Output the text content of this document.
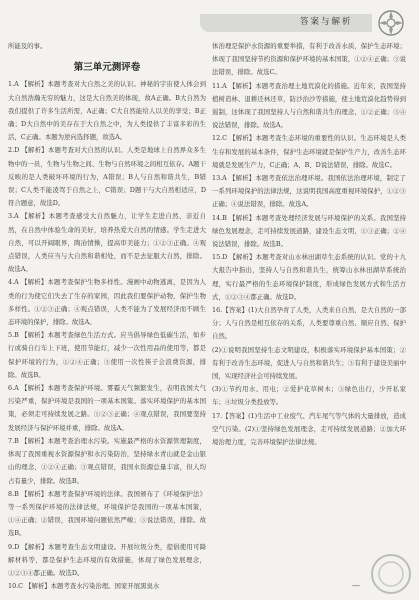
答案与解析

所能及的事。

第三单元测评卷

1.A 【解析】本题考查对大自然之美的认识。神秘的宇宙使人体会到大自然浩瀚无穷的魅力，这是大自然美的体现，故A正确。B大自然为我们提供了许多生活所需，A正确；C大自然能给人以美的享受；B正确；D大自然中的美存在于大自然之中，为人类提供了丰富多彩的生活，C正确。本题为逆向选择题，故选A。

2.D 【解析】本题考查对大自然的认识。人类是地球上自然界众多生物中的一员，生物与生物之间、生物与自然环境之间相互依存。A题干反映的是人类破坏环境的行为，A错误；B人与自然和谐共生，B错误；C人类不能凌驾于自然之上，C错误；D题干与大自然相适应，D符合题意，故选D。

3.A 【解析】本题考查感受大自然魅力，让学生走进自然、亲近自然，在自然中体验生命的美好，培养热爱大自然的情感。学生走进大自然，可以开阔眼界，陶冶情操，提高审美能力；①②③正确。④观点错误，人类应当与大自然和谐相处，而不是去征服大自然，排除。故选A。

4.A 【解析】本题考查保护生物多样性。漫画中动物逃离，是因为人类的行为使它们失去了生存的家园，因此我们要保护动物，保护生物多样性。①②③正确；④观点错误，人类不能为了发展经济而不顾生态环境的保护，排除。故选A。

5.B 【解析】本题考查绿色生活方式。应当倡导绿色低碳生活，如步行或骑自行车上下班，使用节能灯，减少一次性用品的使用等，都是保护环境的行为，①②④正确；③使用一次性筷子会浪费资源，排除。故选B。

6.A 【解析】本题考查保护环境。雾霾天气频繁发生，表明我国大气污染严重，保护环境是我国的一项基本国策。落实环境保护的基本国策，必须走可持续发展之路。①②③正确；④观点错误，我国要坚持发展经济与保护环境并重，排除。故选A。

7.B 【解析】本题考查治理水污染。实施最严格的水资源管理制度，体现了我国重视水资源保护和水污染防治，坚持绿水青山就是金山银山的理念，①②④正确；③观点错误，我国水资源总量丰富，但人均占有量少，排除。故选B。

8.B 【解析】本题考查保护环境的法律。我国颁布了《环境保护法》等一系列保护环境的法律法规，环境保护是我国的一项基本国策，①④正确；②错误，我国环境问题依然严峻；③说法错误，排除。故选B。

9.D 【解析】本题考查生态文明建设。开展垃圾分类，提倡使用可降解材料等，都是保护生态环境的有效措施，体现了绿色发展理念，①②③④都正确。故选D。

10.C 【解析】本题考查水污染治理。国家开展黑臭水

体治理是保护水资源的重要举措，有利于改善水质，保护生态环境；体现了我国坚持节约资源和保护环境的基本国策，①②④正确；③说法错误，排除。故选C。

11.A 【解析】本题考查治理土地荒漠化的措施。近年来，我国坚持植树造林、退耕还林还草，防沙治沙等措施，使土地荒漠化趋势得到遏制，这体现了我国坚持人与自然和谐共生的理念，①②正确；③④说法错误，排除。故选A。

12.C 【解析】本题考查生态环境的重要性的认识。生态环境是人类生存和发展的基本条件，保护生态环境就是保护生产力，改善生态环境就是发展生产力，C正确；A、B、D说法错误，排除。故选C。

13.A 【解析】本题考查依法治理环境。我国依法治理环境，制定了一系列环境保护的法律法规，这说明我国高度重视环境保护，①②③正确；④说法错误，排除。故选A。

14.B 【解析】本题考查处理经济发展与环境保护的关系。我国坚持绿色发展理念，走可持续发展道路，建设生态文明，①③正确；②④说法错误，排除。故选B。

15.D 【解析】本题考查对山水林田湖草生态系统的认识。党的十九大报告中指出，坚持人与自然和谐共生，统筹山水林田湖草系统治理，实行最严格的生态环境保护制度，形成绿色发展方式和生活方式，①②③④都正确。故选D。

16.【答案】(1)大自然孕育了人类，人类来自自然，是大自然的一部分；人与自然是相互依存的关系，人类要尊重自然、顺应自然、保护自然。

(2)①说明我国坚持生态文明建设，积极落实环境保护基本国策；②有利于改善生态环境，促进人与自然和谐共生；③有利于建设美丽中国，实现经济社会可持续发展。

(3)①节约用水、用电；②爱护花草树木；③绿色出行，少开私家车；④垃圾分类投放等。

17.【答案】(1)生活中工业废气、汽车尾气等气体的大量排放，造成空气污染。(2)①坚持绿色发展理念，走可持续发展道路；②加大环境治理力度，完善环境保护法律法规。

—
